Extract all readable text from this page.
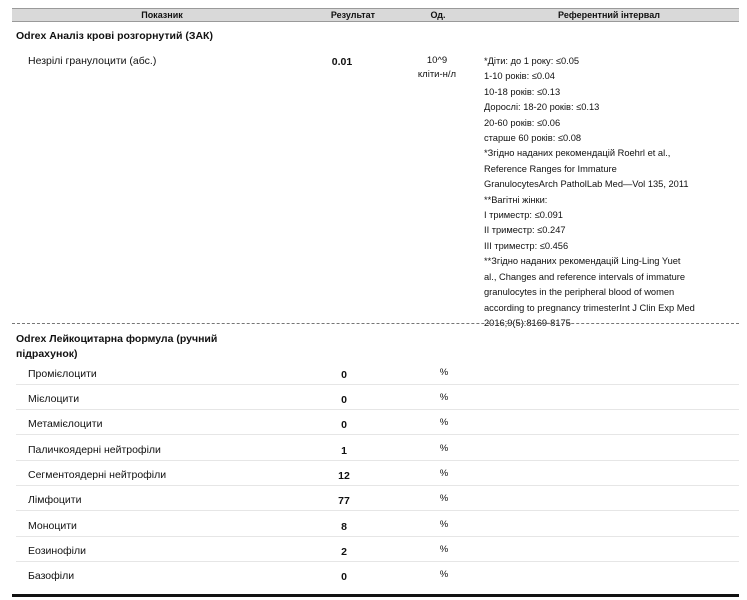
Показник	Результат	Од.	Референтний інтервал
Odrex Аналіз крові розгорнутий (ЗАК)
Незрілі гранулоцити (абс.)	0.01	10^9
кліти-н/л
*Діти: до 1 року: ≤0.05
1-10 років: ≤0.04
10-18 років: ≤0.13
Дорослі: 18-20 років: ≤0.13
20-60 років: ≤0.06
старше 60 років: ≤0.08
*Згідно наданих рекомендацій Roehrl et al.,
Reference Ranges for Immature
GranulocytesArch PatholLab Med—Vol 135, 2011
**Вагітні жінки:
I триместр: ≤0.091
II триместр: ≤0.247
III триместр: ≤0.456
**Згідно наданих рекомендацій Ling-Ling Yuet
al., Changes and reference intervals of immature
granulocytes in the peripheral blood of women
according to pregnancy trimesterInt J Clin Exp Med
2016;9(5):8169-8175
Odrex Лейкоцитарна формула (ручний
підрахунок)
Промієлоцити	0	%
Мієлоцити	0	%
Метамієлоцити	0	%
Паличкоядерні нейтрофіли	1	%
Сегментоядерні нейтрофіли	12	%
Лімфоцити	77	%
Моноцити	8	%
Еозинофіли	2	%
Базофіли	0	%
